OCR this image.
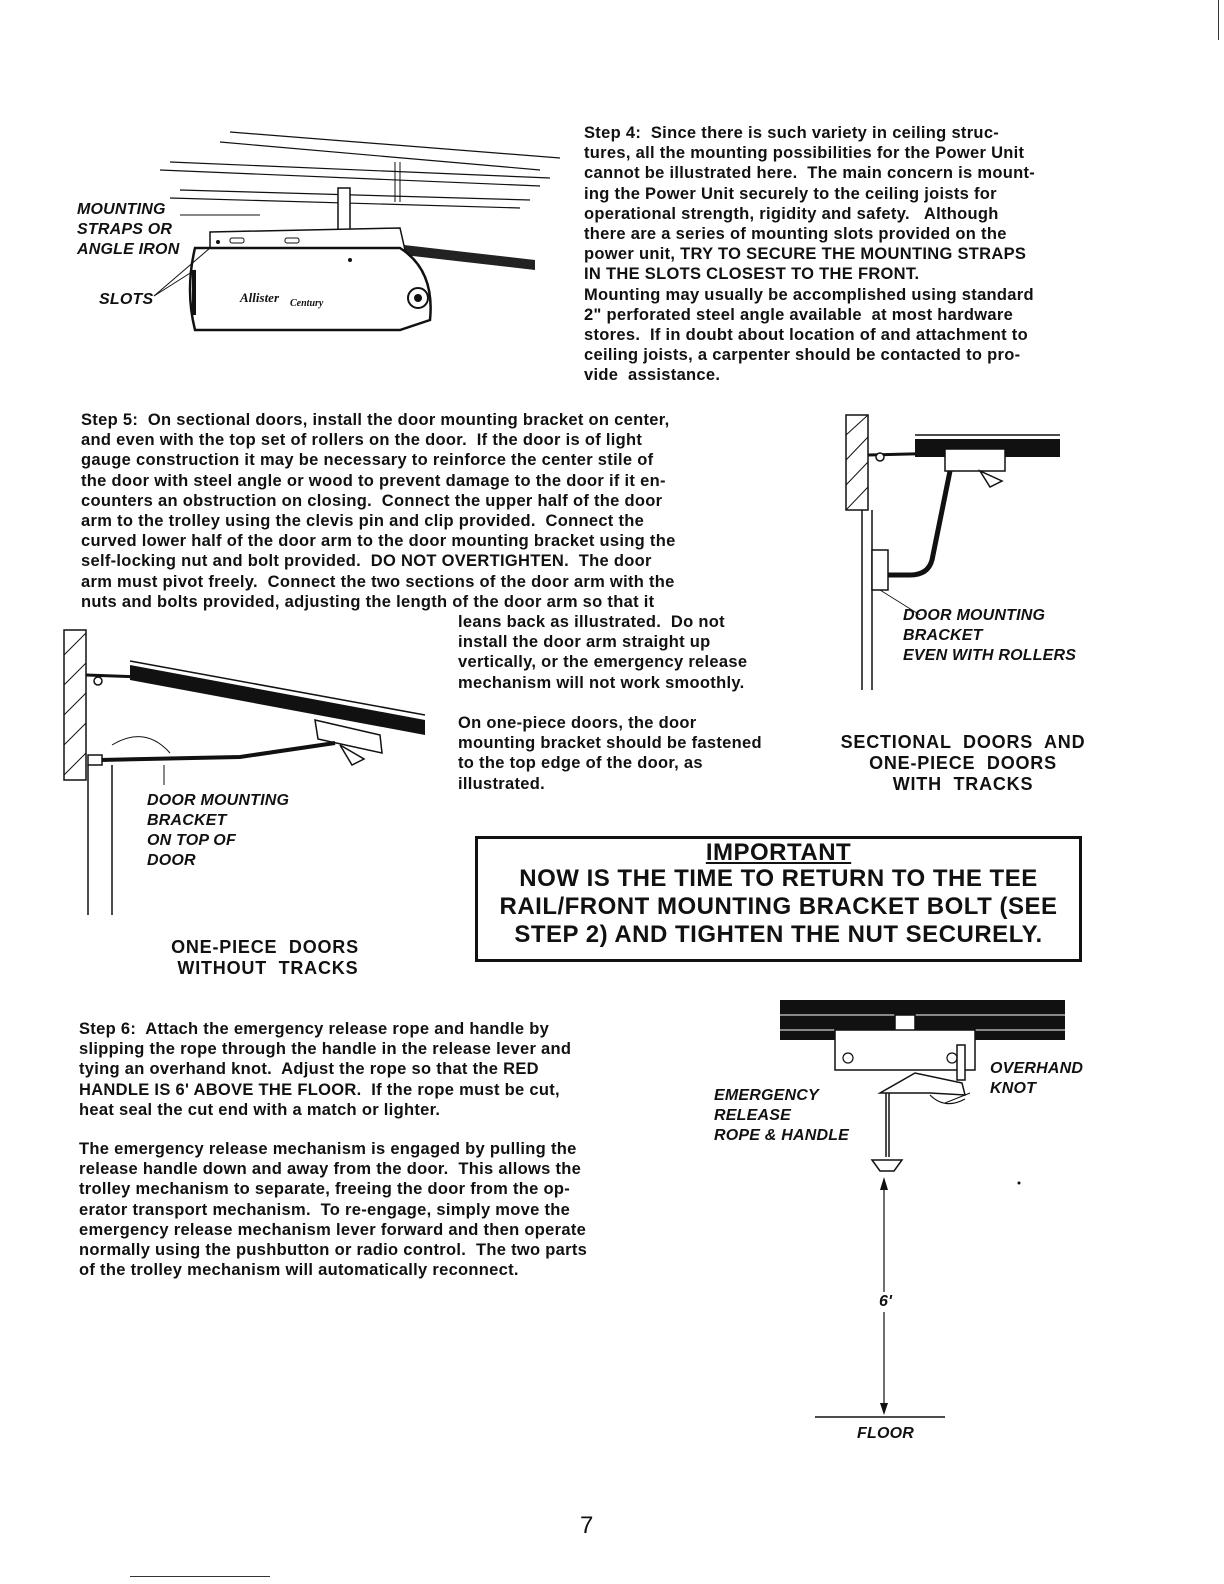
Step 4:  Since there is such variety in ceiling struc-
tures, all the mounting possibilities for the Power Unit
cannot be illustrated here.  The main concern is mount-
ing the Power Unit securely to the ceiling joists for
operational strength, rigidity and safety.   Although
there are a series of mounting slots provided on the
power unit, TRY TO SECURE THE MOUNTING STRAPS
IN THE SLOTS CLOSEST TO THE FRONT.
Mounting may usually be accomplished using standard
2" perforated steel angle available  at most hardware
stores.  If in doubt about location of and attachment to
ceiling joists, a carpenter should be contacted to pro-
vide  assistance.
Allister Century
MOUNTING
STRAPS OR
ANGLE IRON
SLOTS
Step 5:  On sectional doors, install the door mounting bracket on center,
and even with the top set of rollers on the door.  If the door is of light
gauge construction it may be necessary to reinforce the center stile of
the door with steel angle or wood to prevent damage to the door if it en-
counters an obstruction on closing.  Connect the upper half of the door
arm to the trolley using the clevis pin and clip provided.  Connect the
curved lower half of the door arm to the door mounting bracket using the
self-locking nut and bolt provided.  DO NOT OVERTIGHTEN.  The door
arm must pivot freely.  Connect the two sections of the door arm with the
nuts and bolts provided, adjusting the length of the door arm so that it
leans back as illustrated.  Do not
install the door arm straight up
vertically, or the emergency release
mechanism will not work smoothly.
On one-piece doors, the door
mounting bracket should be fastened
to the top edge of the door, as
illustrated.
DOOR MOUNTING
BRACKET
EVEN WITH ROLLERS
SECTIONAL  DOORS  AND
ONE-PIECE  DOORS
WITH  TRACKS
DOOR MOUNTING
BRACKET
ON TOP OF
DOOR
ONE-PIECE  DOORS
WITHOUT  TRACKS
IMPORTANT
NOW IS THE TIME TO RETURN TO THE TEE
RAIL/FRONT MOUNTING BRACKET BOLT (SEE
STEP 2) AND TIGHTEN THE NUT SECURELY.
Step 6:  Attach the emergency release rope and handle by
slipping the rope through the handle in the release lever and
tying an overhand knot.  Adjust the rope so that the RED
HANDLE IS 6' ABOVE THE FLOOR.  If the rope must be cut,
heat seal the cut end with a match or lighter.
The emergency release mechanism is engaged by pulling the
release handle down and away from the door.  This allows the
trolley mechanism to separate, freeing the door from the op-
erator transport mechanism.  To re-engage, simply move the
emergency release mechanism lever forward and then operate
normally using the pushbutton or radio control.  The two parts
of the trolley mechanism will automatically reconnect.
OVERHAND
KNOT
EMERGENCY
RELEASE
ROPE & HANDLE
6'
FLOOR
7
